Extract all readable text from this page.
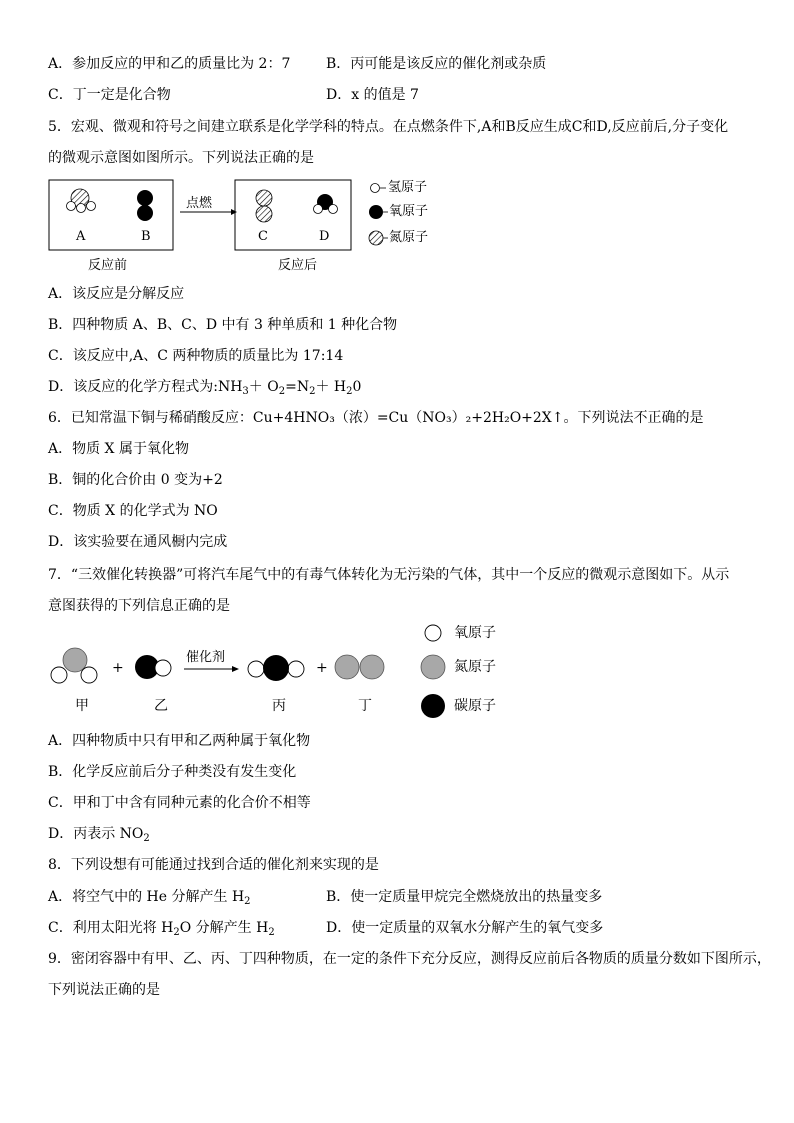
A．参加反应的甲和乙的质量比为 2：7	B．丙可能是该反应的催化剂或杂质
C．丁一定是化合物	D．x 的值是 7
5．宏观、微观和符号之间建立联系是化学学科的特点。在点燃条件下,A和B反应生成C和D,反应前后,分子变化
的微观示意图如图所示。下列说法正确的是
A	B	C	D
点燃
反应前	反应后
氢原子
氧原子
氮原子
A．该反应是分解反应
B．四种物质 A、B、C、D 中有 3 种单质和 1 种化合物
C．该反应中,A、C 两种物质的质量比为 17:14
D．该反应的化学方程式为$:NH_3+ O_2=N_2+ H_20$
6．已知常温下铜与稀硝酸反应：Cu+4HNO₃（浓）=Cu（NO₃）₂+2H₂O+2X↑。下列说法不正确的是
A．物质 X 属于氧化物
B．铜的化合价由 0 变为+2
C．物质 X 的化学式为 NO
D．该实验要在通风橱内完成
7．“三效催化转换器”可将汽车尾气中的有毒气体转化为无污染的气体，其中一个反应的微观示意图如下。从示
意图获得的下列信息正确的是
+	+
催化剂
甲	乙	丙	丁
氧原子
氮原子
碳原子
A．四种物质中只有甲和乙两种属于氧化物
B．化学反应前后分子种类没有发生变化
C．甲和丁中含有同种元素的化合价不相等
D．丙表示 $NO_2$
8．下列设想有可能通过找到合适的催化剂来实现的是
A．将空气中的 He 分解产生 $H_2$	B．使一定质量甲烷完全燃烧放出的热量变多
C．利用太阳光将 $H_2O$ 分解产生 $H_2$	D．使一定质量的双氧水分解产生的氧气变多
9．密闭容器中有甲、乙、丙、丁四种物质，在一定的条件下充分反应，测得反应前后各物质的质量分数如下图所示，
下列说法正确的是
